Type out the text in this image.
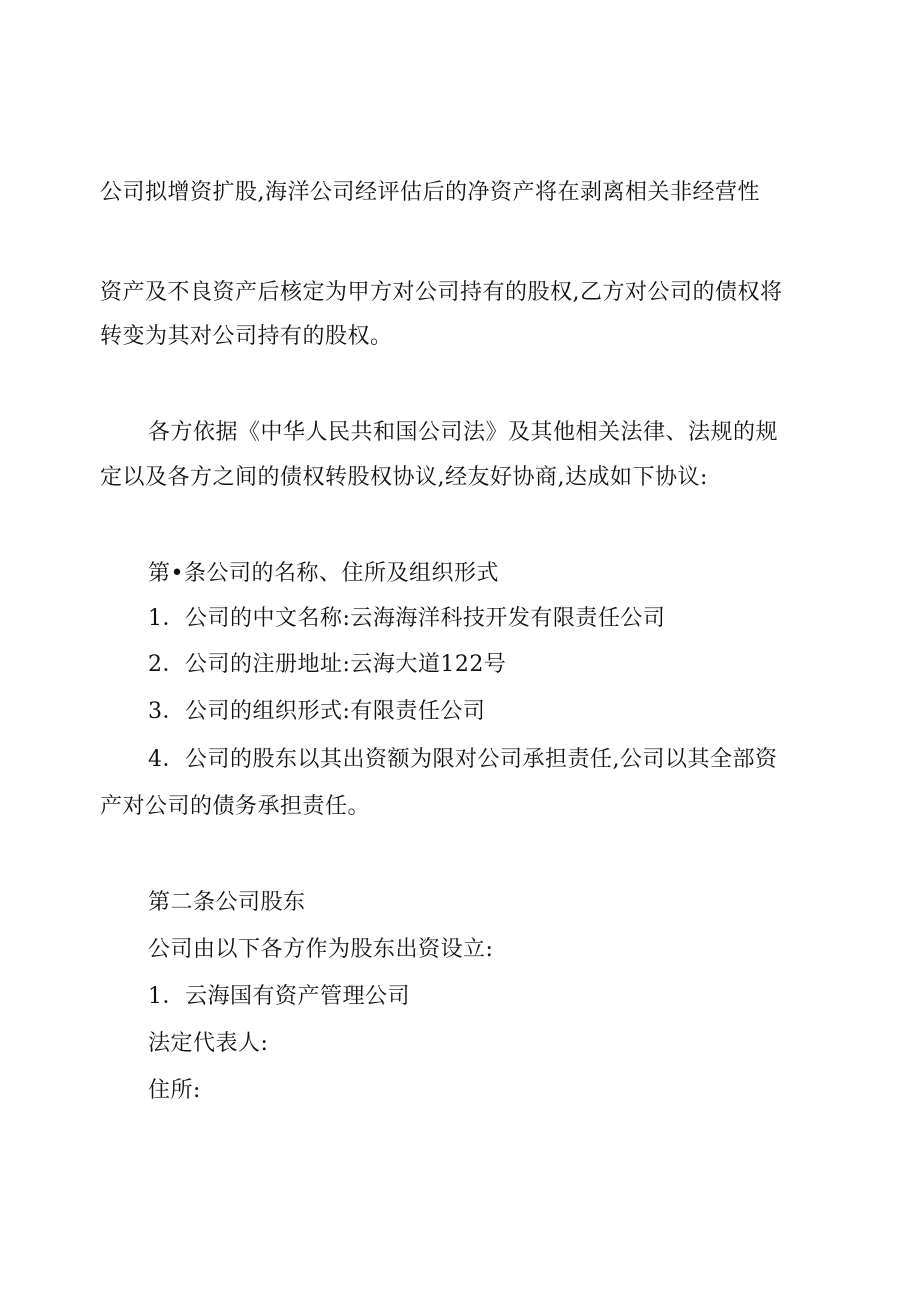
公司拟增资扩股,海洋公司经评估后的净资产将在剥离相关非经营性
资产及不良资产后核定为甲方对公司持有的股权,乙方对公司的债权将
转变为其对公司持有的股权。
各方依据《中华人民共和国公司法》及其他相关法律、法规的规
定以及各方之间的债权转股权协议,经友好协商,达成如下协议:
第•条公司的名称、住所及组织形式
1．公司的中文名称:云海海洋科技开发有限责任公司
2．公司的注册地址:云海大道122号
3．公司的组织形式:有限责任公司
4．公司的股东以其出资额为限对公司承担责任,公司以其全部资
产对公司的债务承担责任。
第二条公司股东
公司由以下各方作为股东出资设立:
1．云海国有资产管理公司
法定代表人:
住所:
